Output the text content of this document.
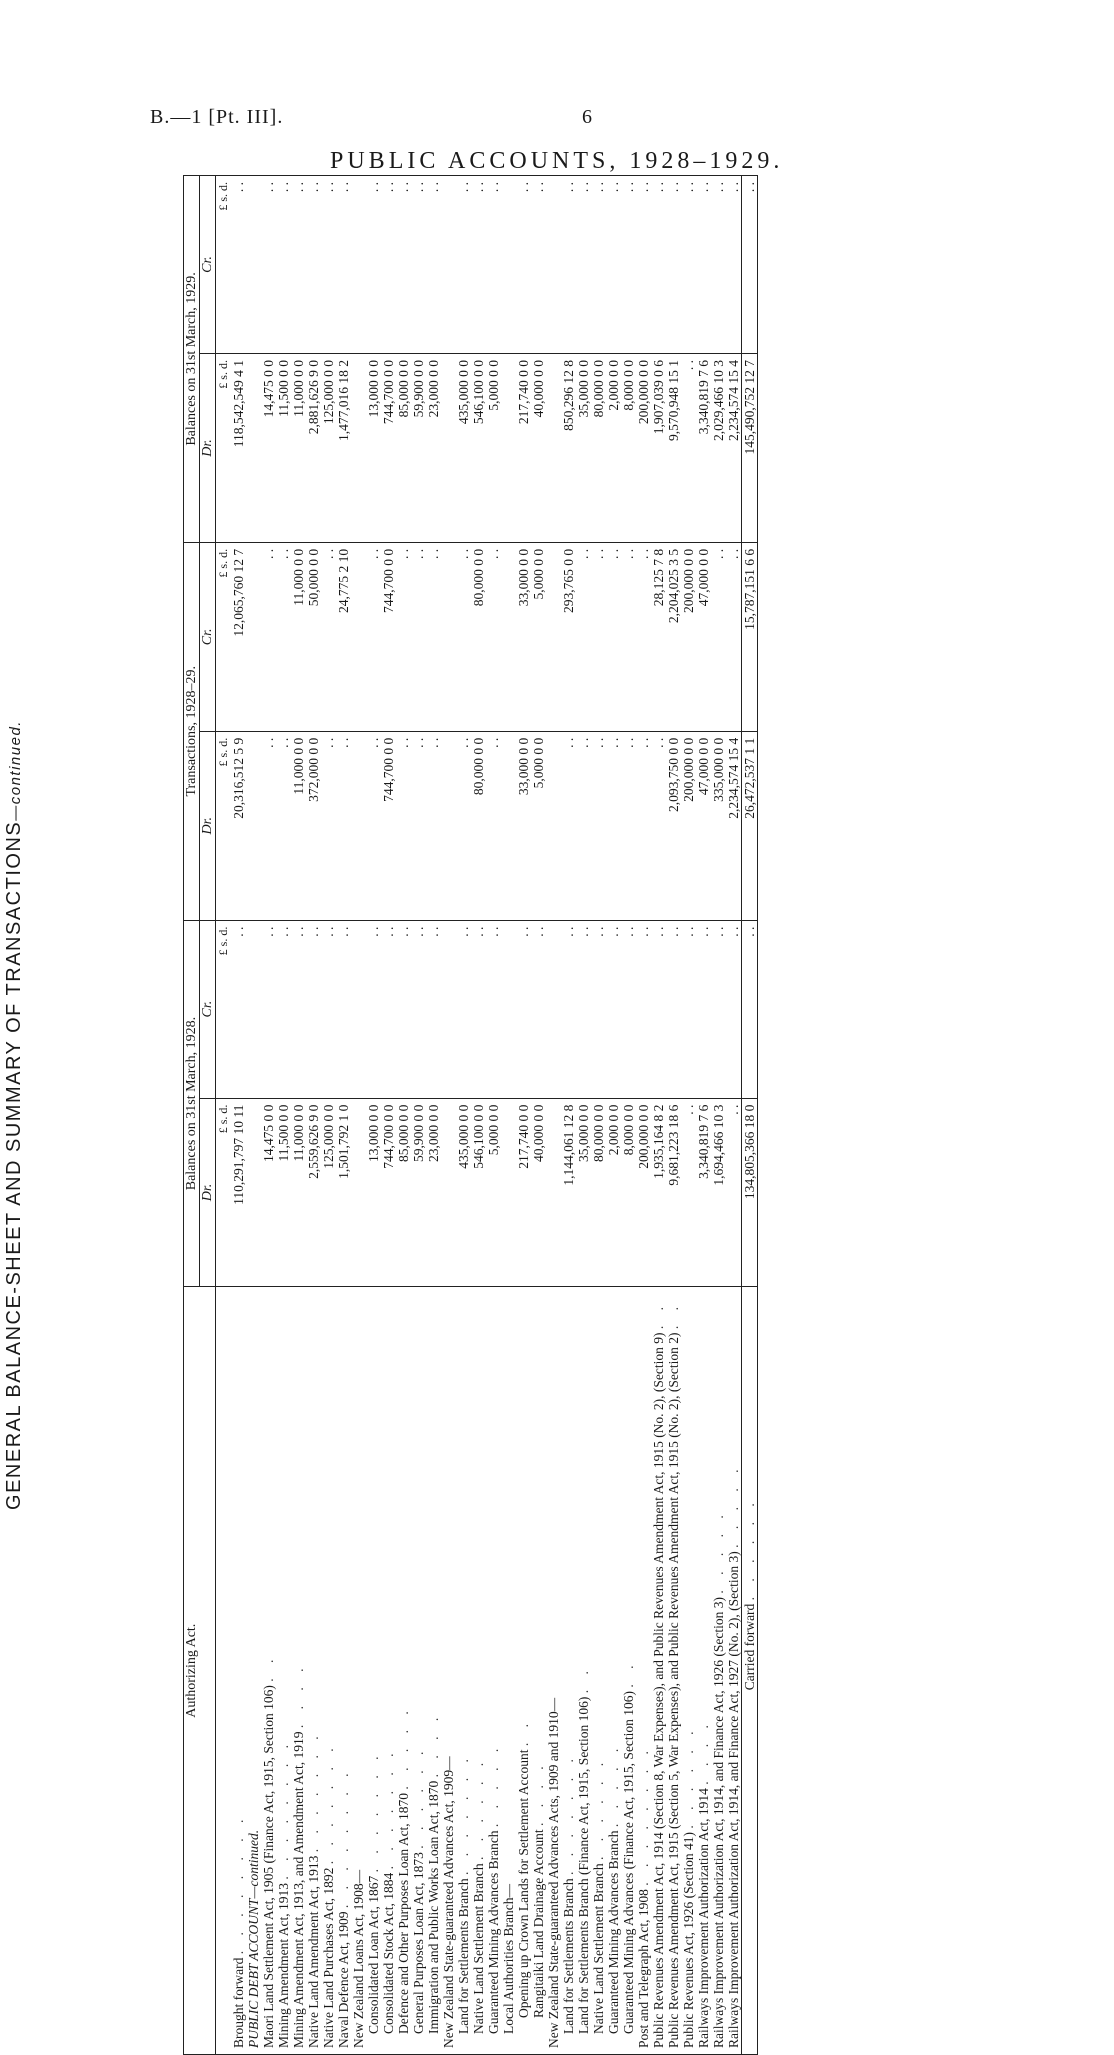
B.—1 [Pt. III].	6
PUBLIC ACCOUNTS, 1928–1929.
GENERAL BALANCE-SHEET AND SUMMARY OF TRANSACTIONS—continued.
Authorizing Act.	Balances on 31st March, 1928.		Transactions, 1928–29.		Balances on 31st March, 1929.	
	Dr.	Cr.	Dr.	Cr.	Dr.	Cr.
	£ s. d.	£ s. d.	£ s. d.	£ s. d.	£ s. d.	£ s. d.
Brought forward . . . . . . . .	110,291,797 10 11	. .	20,316,512 5 9	12,065,760 12 7	118,542,549 4 1	. .
PUBLIC DEBT ACCOUNT—continued.						
Maori Land Settlement Act, 1905 (Finance Act, 1915, Section 106) . .	14,475 0 0	. .	. .	. .	14,475 0 0	. .
Mining Amendment Act, 1913 . . . . . . . .	11,500 0 0	. .	. .	. .	11,500 0 0	. .
Mining Amendment Act, 1913, and Amendment Act, 1919 . . . .	11,000 0 0	. .	11,000 0 0	11,000 0 0	11,000 0 0	. .
Native Land Amendment Act, 1913 . . . . . . .	2,559,626 9 0	. .	372,000 0 0	50,000 0 0	2,881,626 9 0	. .
Native Land Purchases Act, 1892 . . . . . . .	125,000 0 0	. .	. .	. .	125,000 0 0	. .
Naval Defence Act, 1909 . . . . . . . .	1,501,792 1 0	. .	. .	24,775 2 10	1,477,016 18 2	. .
New Zealand Loans Act, 1908—						
Consolidated Loan Act, 1867 . . . . . . .	13,000 0 0	. .	. .	. .	13,000 0 0	. .
Consolidated Stock Act, 1884 . . . . . . .	744,700 0 0	. .	744,700 0 0	744,700 0 0	744,700 0 0	. .
Defence and Other Purposes Loan Act, 1870 . . . . .	85,000 0 0	. .	. .	. .	85,000 0 0	. .
General Purposes Loan Act, 1873 . . . . . .	59,900 0 0	. .	. .	. .	59,900 0 0	. .
Immigration and Public Works Loan Act, 1870 . . . .	23,000 0 0	. .	. .	. .	23,000 0 0	. .
New Zealand State-guaranteed Advances Act, 1909—						
Land for Settlements Branch . . . . . . .	435,000 0 0	. .	. .	. .	435,000 0 0	. .
Native Land Settlement Branch . . . . . .	546,100 0 0	. .	80,000 0 0	80,000 0 0	546,100 0 0	. .
Guaranteed Mining Advances Branch . . . . .	5,000 0 0	. .	. .	. .	5,000 0 0	. .
Local Authorities Branch—						
Opening up Crown Lands for Settlement Account . .	217,740 0 0	. .	33,000 0 0	33,000 0 0	217,740 0 0	. .
Rangitaiki Land Drainage Account . . . .	40,000 0 0	. .	5,000 0 0	5,000 0 0	40,000 0 0	. .
New Zealand State-guaranteed Advances Acts, 1909 and 1910—						
Land for Settlements Branch . . . . . . .	1,144,061 12 8	. .	. .	293,765 0 0	850,296 12 8	. .
Land for Settlements Branch (Finance Act, 1915, Section 106) . .	35,000 0 0	. .	. .	. .	35,000 0 0	. .
Native Land Settlement Branch . . . . . .	80,000 0 0	. .	. .	. .	80,000 0 0	. .
Guaranteed Mining Advances Branch . . . . .	2,000 0 0	. .	. .	. .	2,000 0 0	. .
Guaranteed Mining Advances (Finance Act, 1915, Section 106) . .	8,000 0 0	. .	. .	. .	8,000 0 0	. .
Post and Telegraph Act, 1908 . . . . . . . .	200,000 0 0	. .	. .	. .	200,000 0 0	. .
Public Revenues Amendment Act, 1914 (Section 8, War Expenses), and Public Revenues Amendment Act, 1915 (No. 2), (Section 9) . .	1,935,164 8 2	. .	. .	28,125 7 8	1,907,039 0 6	. .
Public Revenues Amendment Act, 1915 (Section 5, War Expenses), and Public Revenues Amendment Act, 1915 (No. 2), (Section 2) . .	9,681,223 18 6	. .	2,093,750 0 0	2,204,025 3 5	9,570,948 15 1	. .
Public Revenues Act, 1926 (Section 41) . . . . . .	. .	. .	200,000 0 0	200,000 0 0	. .	. .
Railways Improvement Authorization Act, 1914 . . . .	3,340,819 7 6	. .	47,000 0 0	47,000 0 0	3,340,819 7 6	. .
Railways Improvement Authorization Act, 1914, and Finance Act, 1926 (Section 3) . . . . .	1,694,466 10 3	. .	335,000 0 0	. .	2,029,466 10 3	. .
Railways Improvement Authorization Act, 1914, and Finance Act, 1927 (No. 2), (Section 3) . . . . .	. .	. .	2,234,574 15 4	. .	2,234,574 15 4	. .
Carried forward . . . . . .	134,805,366 18 0	. .	26,472,537 1 1	15,787,151 6 6	145,490,752 12 7	. .
